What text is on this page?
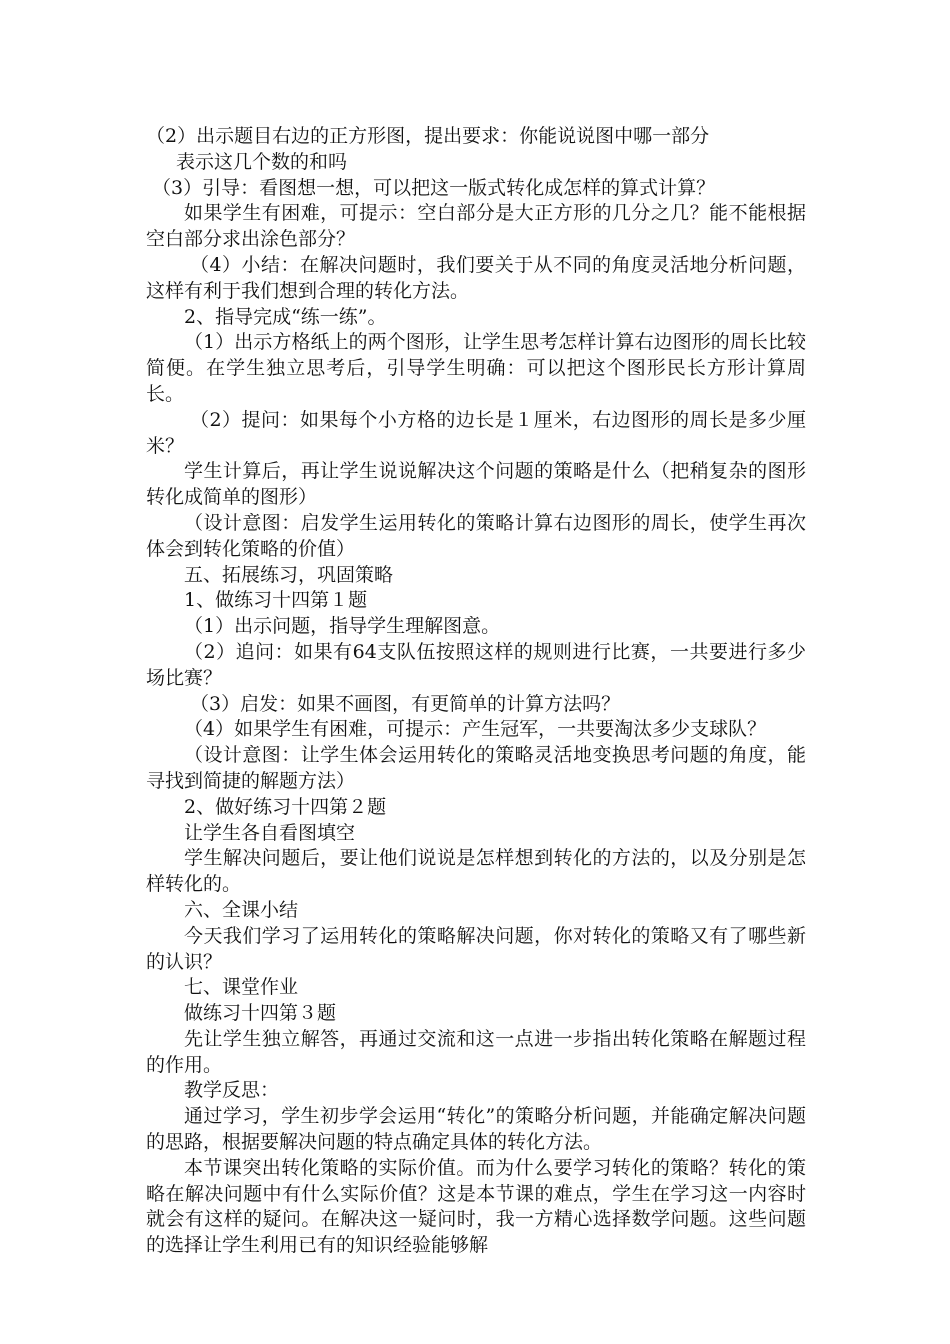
（2）出示题目右边的正方形图，提出要求：你能说说图中哪一部分

表示这几个数的和吗

（3）引导：看图想一想，可以把这一版式转化成怎样的算式计算？

如果学生有困难，可提示：空白部分是大正方形的几分之几？能不能根据空白部分求出涂色部分？

（4）小结：在解决问题时，我们要关于从不同的角度灵活地分析问题，这样有利于我们想到合理的转化方法。

2、指导完成“练一练”。

（1）出示方格纸上的两个图形，让学生思考怎样计算右边图形的周长比较简便。在学生独立思考后，引导学生明确：可以把这个图形民长方形计算周长。

（2）提问：如果每个小方格的边长是１厘米，右边图形的周长是多少厘米？

学生计算后，再让学生说说解决这个问题的策略是什么（把稍复杂的图形转化成简单的图形）

（设计意图：启发学生运用转化的策略计算右边图形的周长，使学生再次体会到转化策略的价值）

五、拓展练习，巩固策略

1、做练习十四第１题

（1）出示问题，指导学生理解图意。

（2）追问：如果有64支队伍按照这样的规则进行比赛，一共要进行多少场比赛？

（3）启发：如果不画图，有更简单的计算方法吗？

（4）如果学生有困难，可提示：产生冠军，一共要淘汰多少支球队？

（设计意图：让学生体会运用转化的策略灵活地变换思考问题的角度，能寻找到简捷的解题方法）

2、做好练习十四第２题

让学生各自看图填空

学生解决问题后，要让他们说说是怎样想到转化的方法的，以及分别是怎样转化的。

六、全课小结

今天我们学习了运用转化的策略解决问题，你对转化的策略又有了哪些新的认识？

七、课堂作业

做练习十四第３题

先让学生独立解答，再通过交流和这一点进一步指出转化策略在解题过程的作用。

教学反思：

通过学习，学生初步学会运用“转化”的策略分析问题，并能确定解决问题的思路，根据要解决问题的特点确定具体的转化方法。

本节课突出转化策略的实际价值。而为什么要学习转化的策略？转化的策略在解决问题中有什么实际价值？这是本节课的难点，学生在学习这一内容时就会有这样的疑问。在解决这一疑问时，我一方精心选择数学问题。这些问题的选择让学生利用已有的知识经验能够解
